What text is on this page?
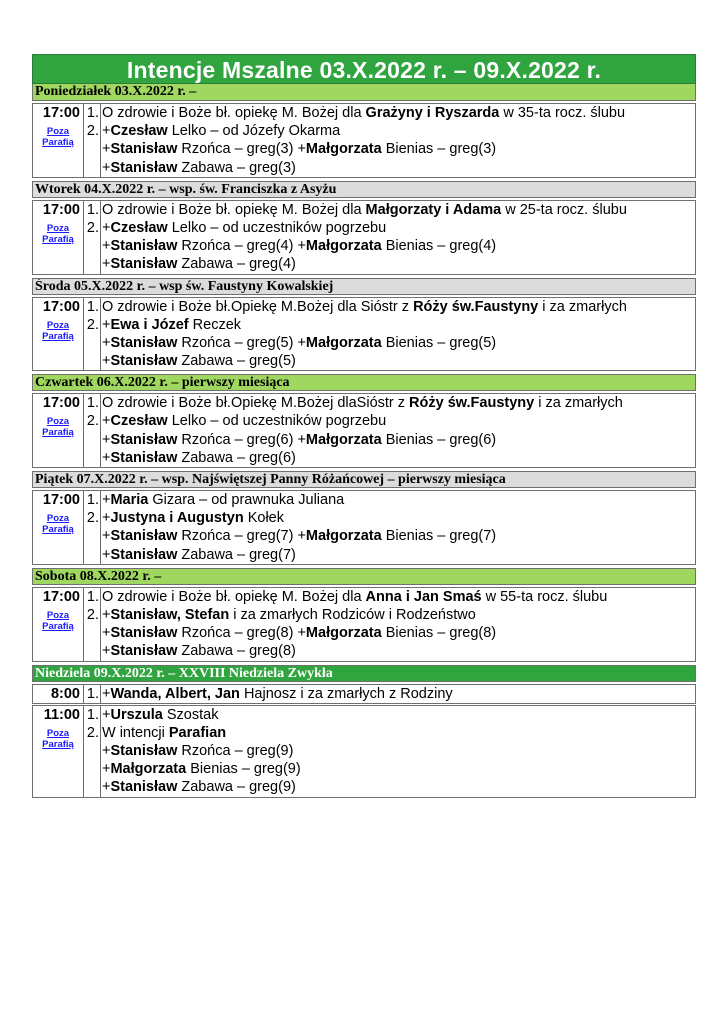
Intencje Mszalne 03.X.2022 r. – 09.X.2022 r.
Poniedziałek 03.X.2022 r. –
17:00
Poza
Parafią
1.
2.
O zdrowie i Boże bł. opiekę M. Bożej dla Grażyny i Ryszarda w 35-ta rocz. ślubu
+Czesław Lelko – od Józefy Okarma
+Stanisław Rzońca – greg(3) +Małgorzata Bienias – greg(3)
+Stanisław Zabawa – greg(3)
Wtorek 04.X.2022 r. – wsp. św. Franciszka z Asyżu
17:00
Poza
Parafią
1.
2.
O zdrowie i Boże bł. opiekę M. Bożej dla Małgorzaty i Adama w 25-ta rocz. ślubu
+Czesław Lelko – od uczestników pogrzebu
+Stanisław Rzońca – greg(4) +Małgorzata Bienias – greg(4)
+Stanisław Zabawa – greg(4)
Środa 05.X.2022 r. – wsp św. Faustyny Kowalskiej
17:00
Poza
Parafią
1.
2.
O zdrowie i Boże bł.Opiekę M.Bożej dla Sióstr z Róży św.Faustyny i za zmarłych
+Ewa i Józef Reczek
+Stanisław Rzońca – greg(5) +Małgorzata Bienias – greg(5)
+Stanisław Zabawa – greg(5)
Czwartek 06.X.2022 r. – pierwszy miesiąca
17:00
Poza
Parafią
1.
2.
O zdrowie i Boże bł.Opiekę M.Bożej dlaSióstr z Róży św.Faustyny i za zmarłych
+Czesław Lelko – od uczestników pogrzebu
+Stanisław Rzońca – greg(6) +Małgorzata Bienias – greg(6)
+Stanisław Zabawa – greg(6)
Piątek 07.X.2022 r. – wsp. Najświętszej Panny Różańcowej – pierwszy miesiąca
17:00
Poza
Parafią
1.
2.
+Maria Gizara – od prawnuka Juliana
+Justyna i Augustyn Kołek
+Stanisław Rzońca – greg(7) +Małgorzata Bienias – greg(7)
+Stanisław Zabawa – greg(7)
Sobota 08.X.2022 r. –
17:00
Poza
Parafią
1.
2.
O zdrowie i Boże bł. opiekę M. Bożej dla Anna i Jan Smaś w 55-ta rocz. ślubu
+Stanisław, Stefan i za zmarłych Rodziców i Rodzeństwo
+Stanisław Rzońca – greg(8) +Małgorzata Bienias – greg(8)
+Stanisław Zabawa – greg(8)
Niedziela 09.X.2022 r. – XXVIII Niedziela Zwykła
8:00 1. +Wanda, Albert, Jan Hajnosz i za zmarłych z Rodziny
11:00
Poza
Parafią
1.
2.
+Urszula Szostak
W intencji Parafian
+Stanisław Rzońca – greg(9)
+Małgorzata Bienias – greg(9)
+Stanisław Zabawa – greg(9)
